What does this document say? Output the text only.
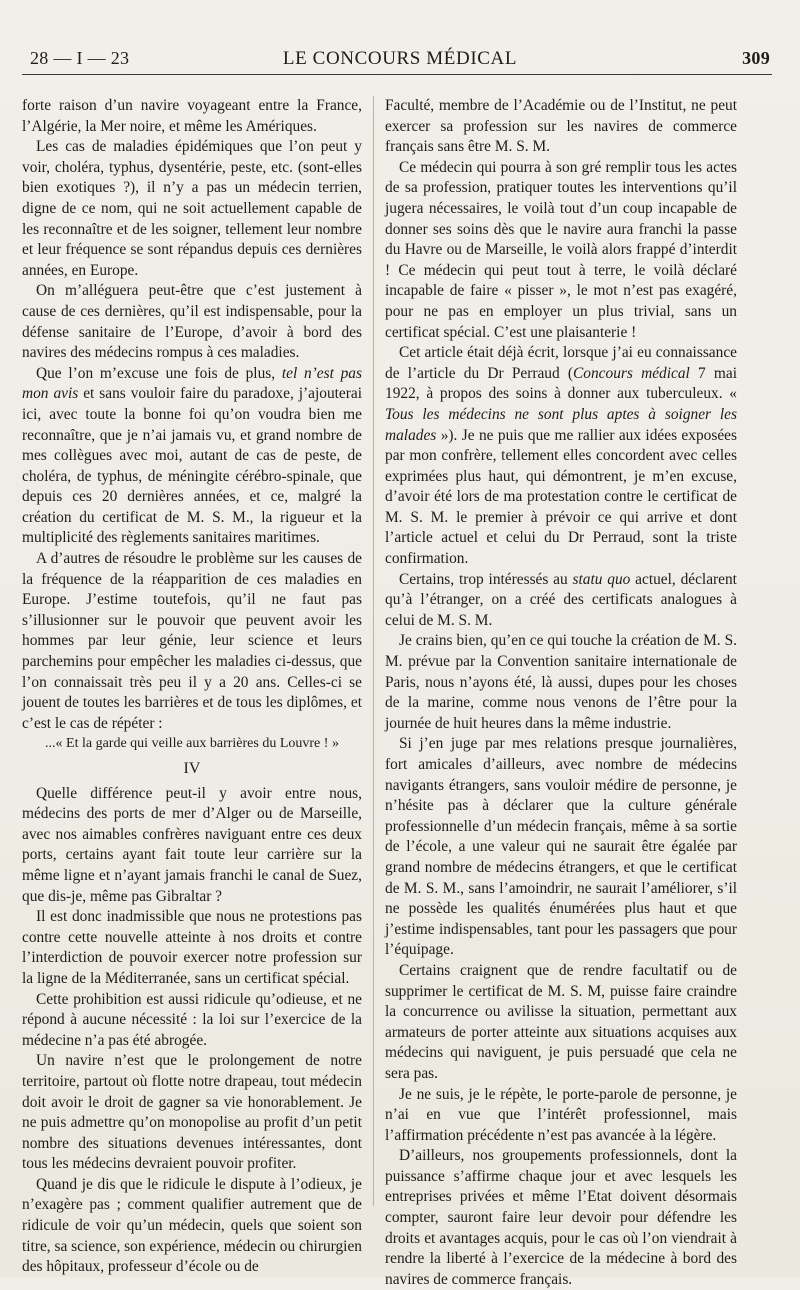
28 — I — 23	LE CONCOURS MÉDICAL	309

forte raison d’un navire voyageant entre la France, l’Algérie, la Mer noire, et même les Amériques.

Les cas de maladies épidémiques que l’on peut y voir, choléra, typhus, dysentérie, peste, etc. (sont-elles bien exotiques ?), il n’y a pas un médecin terrien, digne de ce nom, qui ne soit actuellement capable de les reconnaître et de les soigner, tellement leur nombre et leur fréquence se sont répandus depuis ces dernières années, en Europe.

On m’alléguera peut-être que c’est justement à cause de ces dernières, qu’il est indispensable, pour la défense sanitaire de l’Europe, d’avoir à bord des navires des médecins rompus à ces maladies.

Que l’on m’excuse une fois de plus, tel n’est pas mon avis et sans vouloir faire du paradoxe, j’ajouterai ici, avec toute la bonne foi qu’on voudra bien me reconnaître, que je n’ai jamais vu, et grand nombre de mes collègues avec moi, autant de cas de peste, de choléra, de typhus, de méningite cérébro-spinale, que depuis ces 20 dernières années, et ce, malgré la création du certificat de M. S. M., la rigueur et la multiplicité des règlements sanitaires maritimes.

A d’autres de résoudre le problème sur les causes de la fréquence de la réapparition de ces maladies en Europe. J’estime toutefois, qu’il ne faut pas s’illusionner sur le pouvoir que peuvent avoir les hommes par leur génie, leur science et leurs parchemins pour empêcher les maladies ci-dessus, que l’on connaissait très peu il y a 20 ans. Celles-ci se jouent de toutes les barrières et de tous les diplômes, et c’est le cas de répéter :

...« Et la garde qui veille aux barrières du Louvre ! »

IV

Quelle différence peut-il y avoir entre nous, médecins des ports de mer d’Alger ou de Marseille, avec nos aimables confrères naviguant entre ces deux ports, certains ayant fait toute leur carrière sur la même ligne et n’ayant jamais franchi le canal de Suez, que dis-je, même pas Gibraltar ?

Il est donc inadmissible que nous ne protestions pas contre cette nouvelle atteinte à nos droits et contre l’interdiction de pouvoir exercer notre profession sur la ligne de la Méditerranée, sans un certificat spécial.

Cette prohibition est aussi ridicule qu’odieuse, et ne répond à aucune nécessité : la loi sur l’exercice de la médecine n’a pas été abrogée.

Un navire n’est que le prolongement de notre territoire, partout où flotte notre drapeau, tout médecin doit avoir le droit de gagner sa vie honorablement. Je ne puis admettre qu’on monopolise au profit d’un petit nombre des situations devenues intéressantes, dont tous les médecins devraient pouvoir profiter.

Quand je dis que le ridicule le dispute à l’odieux, je n’exagère pas ; comment qualifier autrement que de ridicule de voir qu’un médecin, quels que soient son titre, sa science, son expérience, médecin ou chirurgien des hôpitaux, professeur d’école ou de

Faculté, membre de l’Académie ou de l’Institut, ne peut exercer sa profession sur les navires de commerce français sans être M. S. M.

Ce médecin qui pourra à son gré remplir tous les actes de sa profession, pratiquer toutes les interventions qu’il jugera nécessaires, le voilà tout d’un coup incapable de donner ses soins dès que le navire aura franchi la passe du Havre ou de Marseille, le voilà alors frappé d’interdit ! Ce médecin qui peut tout à terre, le voilà déclaré incapable de faire « pisser », le mot n’est pas exagéré, pour ne pas en employer un plus trivial, sans un certificat spécial. C’est une plaisanterie !

Cet article était déjà écrit, lorsque j’ai eu connaissance de l’article du Dr Perraud (Concours médical 7 mai 1922, à propos des soins à donner aux tuberculeux. « Tous les médecins ne sont plus aptes à soigner les malades »). Je ne puis que me rallier aux idées exposées par mon confrère, tellement elles concordent avec celles exprimées plus haut, qui démontrent, je m’en excuse, d’avoir été lors de ma protestation contre le certificat de M. S. M. le premier à prévoir ce qui arrive et dont l’article actuel et celui du Dr Perraud, sont la triste confirmation.

Certains, trop intéressés au statu quo actuel, déclarent qu’à l’étranger, on a créé des certificats analogues à celui de M. S. M.

Je crains bien, qu’en ce qui touche la création de M. S. M. prévue par la Convention sanitaire internationale de Paris, nous n’ayons été, là aussi, dupes pour les choses de la marine, comme nous venons de l’être pour la journée de huit heures dans la même industrie.

Si j’en juge par mes relations presque journalières, fort amicales d’ailleurs, avec nombre de médecins navigants étrangers, sans vouloir médire de personne, je n’hésite pas à déclarer que la culture générale professionnelle d’un médecin français, même à sa sortie de l’école, a une valeur qui ne saurait être égalée par grand nombre de médecins étrangers, et que le certificat de M. S. M., sans l’amoindrir, ne saurait l’améliorer, s’il ne possède les qualités énumérées plus haut et que j’estime indispensables, tant pour les passagers que pour l’équipage.

Certains craignent que de rendre facultatif ou de supprimer le certificat de M. S. M, puisse faire craindre la concurrence ou avilisse la situation, permettant aux armateurs de porter atteinte aux situations acquises aux médecins qui naviguent, je puis persuadé que cela ne sera pas.

Je ne suis, je le répète, le porte-parole de personne, je n’ai en vue que l’intérêt professionnel, mais l’affirmation précédente n’est pas avancée à la légère.

D’ailleurs, nos groupements professionnels, dont la puissance s’affirme chaque jour et avec lesquels les entreprises privées et même l’Etat doivent désormais compter, sauront faire leur devoir pour défendre les droits et avantages acquis, pour le cas où l’on viendrait à rendre la liberté à l’exercice de la médecine à bord des navires de commerce français.
